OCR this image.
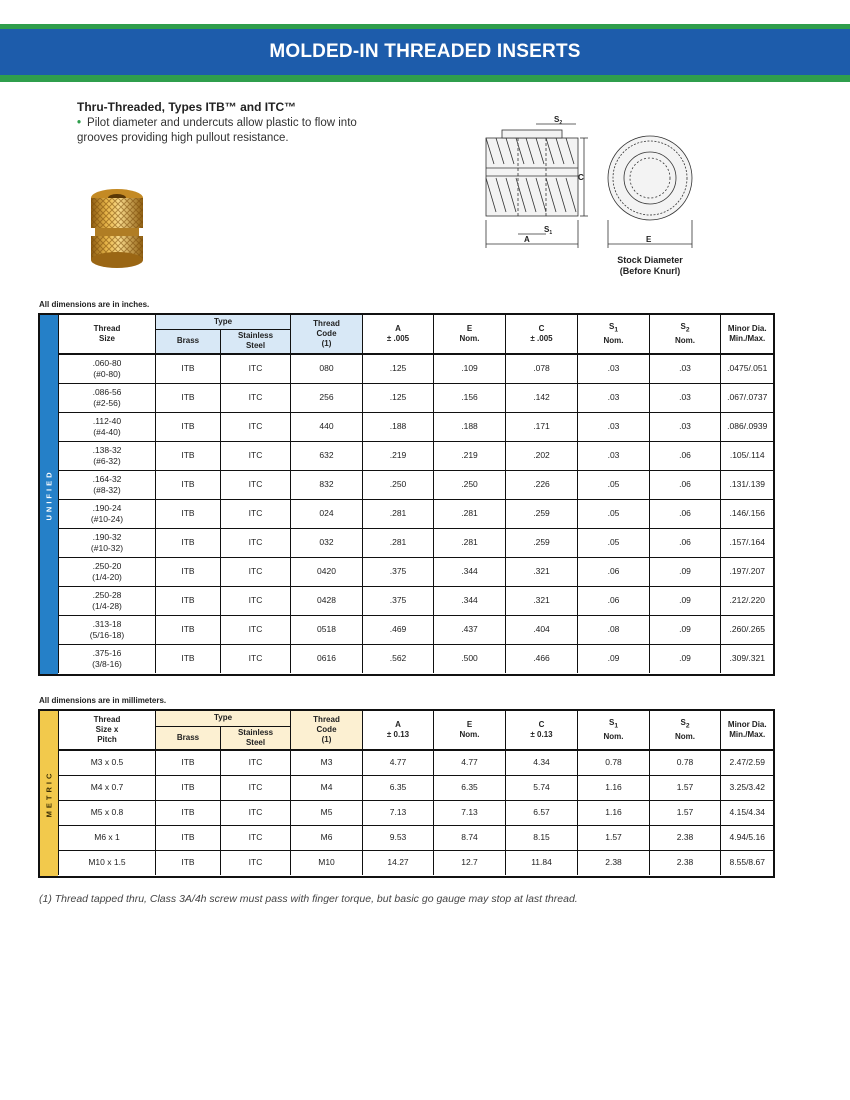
MOLDED-IN THREADED INSERTS
Thru-Threaded, Types ITB™ and ITC™
• Pilot diameter and undercuts allow plastic to flow into grooves providing high pullout resistance.
$S_2$
C
$S_1$
A	E
Stock Diameter
(Before Knurl)
All dimensions are in inches.
UNIFIED
Thread
Size	Type		Thread
Code
(1)	A
± .005	E
Nom.	C
± .005	$S_1$
Nom.	$S_2$
Nom.	Minor Dia.
Min./Max.
	Brass	Stainless
Steel							

.060-80
(#0-80)	ITB	ITC	080	.125	.109	.078	.03	.03	.0475/.051

.086-56
(#2-56)	ITB	ITC	256	.125	.156	.142	.03	.03	.067/.0737

.112-40
(#4-40)	ITB	ITC	440	.188	.188	.171	.03	.03	.086/.0939

.138-32
(#6-32)	ITB	ITC	632	.219	.219	.202	.03	.06	.105/.114

.164-32
(#8-32)	ITB	ITC	832	.250	.250	.226	.05	.06	.131/.139

.190-24
(#10-24)	ITB	ITC	024	.281	.281	.259	.05	.06	.146/.156

.190-32
(#10-32)	ITB	ITC	032	.281	.281	.259	.05	.06	.157/.164

.250-20
(1/4-20)	ITB	ITC	0420	.375	.344	.321	.06	.09	.197/.207

.250-28
(1/4-28)	ITB	ITC	0428	.375	.344	.321	.06	.09	.212/.220

.313-18
(5/16-18)	ITB	ITC	0518	.469	.437	.404	.08	.09	.260/.265

.375-16
(3/8-16)	ITB	ITC	0616	.562	.500	.466	.09	.09	.309/.321
All dimensions are in millimeters.
METRIC
Thread
Size x
Pitch	Type		Thread
Code
(1)	A
± 0.13	E
Nom.	C
± 0.13	$S_1$
Nom.	$S_2$
Nom.	Minor Dia.
Min./Max.
	Brass	Stainless
Steel							
M3 x 0.5	ITB	ITC	M3	4.77	4.77	4.34	0.78	0.78	2.47/2.59
M4 x 0.7	ITB	ITC	M4	6.35	6.35	5.74	1.16	1.57	3.25/3.42
M5 x 0.8	ITB	ITC	M5	7.13	7.13	6.57	1.16	1.57	4.15/4.34
M6 x 1	ITB	ITC	M6	9.53	8.74	8.15	1.57	2.38	4.94/5.16
M10 x 1.5	ITB	ITC	M10	14.27	12.7	11.84	2.38	2.38	8.55/8.67
(1) Thread tapped thru, Class 3A/4h screw must pass with finger torque, but basic go gauge may stop at last thread.
